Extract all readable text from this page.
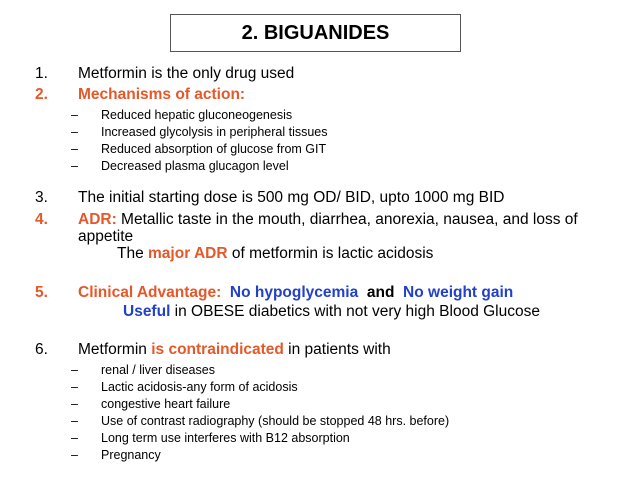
2. BIGUANIDES
1. Metformin is the only drug used
2. Mechanisms of action:
– Reduced hepatic gluconeogenesis
– Increased glycolysis in peripheral tissues
– Reduced absorption of glucose from GIT
– Decreased plasma glucagon level
3. The initial starting dose is 500 mg OD/ BID, upto 1000 mg BID
4. ADR: Metallic taste in the mouth, diarrhea, anorexia, nausea, and loss of
appetite
The major ADR of metformin is lactic acidosis
5. Clinical Advantage: No hypoglycemia and No weight gain
Useful in OBESE diabetics with not very high Blood Glucose
6. Metformin is contraindicated in patients with
– renal / liver diseases
– Lactic acidosis-any form of acidosis
– congestive heart failure
– Use of contrast radiography (should be stopped 48 hrs. before)
– Long term use interferes with B12 absorption
– Pregnancy
